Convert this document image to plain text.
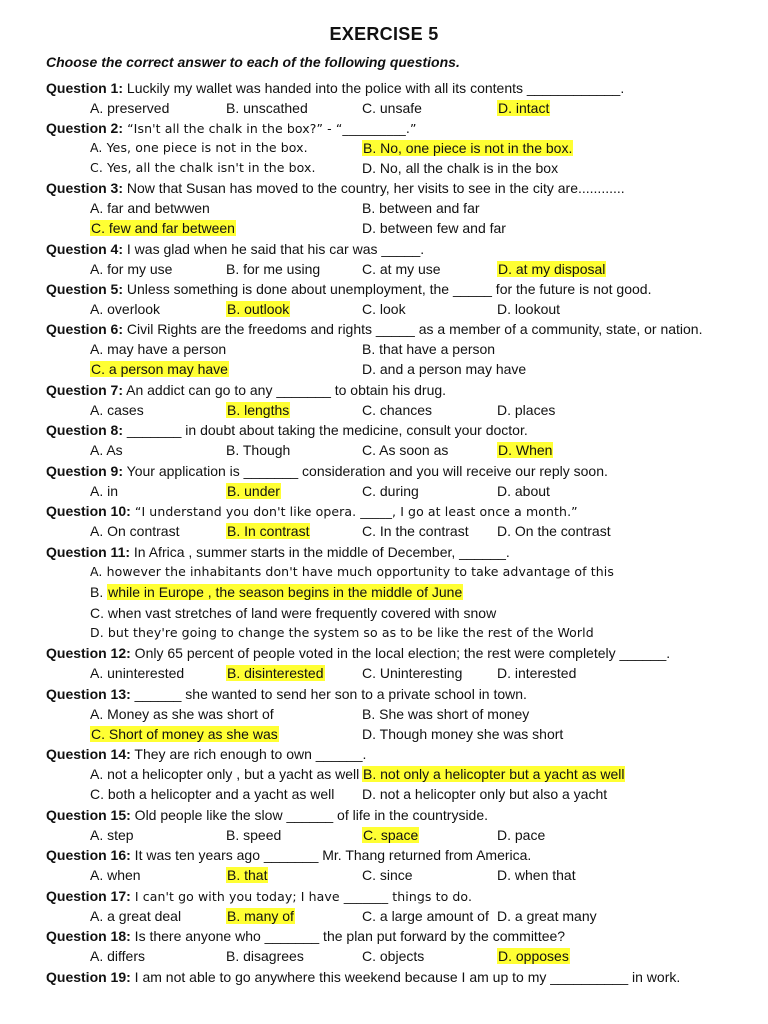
EXERCISE 5
Choose the correct answer to each of the following questions.
Question 1: Luckily my wallet was handed into the police with all its contents ____________.
A. preserved	B. unscathed	C. unsafe	D. intact
Question 2: “Isn't all the chalk in the box?” - “__________.”
A. Yes, one piece is not in the box.	B. No, one piece is not in the box.
C. Yes, all the chalk isn't in the box.	D. No, all the chalk is in the box
Question 3: Now that Susan has moved to the country, her visits to see in the city are............
A. far and betwwen	B. between and far
C. few and far between	D. between few and far
Question 4: I was glad when he said that his car was _____.
A. for my use	B. for me using	C. at my use	D. at my disposal
Question 5: Unless something is done about unemployment, the _____ for the future is not good.
A. overlook	B. outlook	C. look	D. lookout
Question 6: Civil Rights are the freedoms and rights _____ as a member of a community, state, or nation.
A. may have a person	B. that have a person
C. a person may have	D. and a person may have
Question 7: An addict can go to any _______ to obtain his drug.
A. cases	B. lengths	C. chances	D. places
Question 8: _______ in doubt about taking the medicine, consult your doctor.
A. As	B. Though	C. As soon as	D. When
Question 9: Your application is _______ consideration and you will receive our reply soon.
A. in	B. under	C. during	D. about
Question 10: “I understand you don't like opera. _____, I go at least once a month.”
A. On contrast	B. In contrast	C. In the contrast D. On the contrast
Question 11: In Africa , summer starts in the middle of December, ______.
A. however the inhabitants don't have much opportunity to take advantage of this
B. while in Europe , the season begins in the middle of June
C. when vast stretches of land were frequently covered with snow
D. but they're going to change the system so as to be like the rest of the World
Question 12: Only 65 percent of people voted in the local election; the rest were completely ______.
A. uninterested	B. disinterested	C. Uninteresting D. interested
Question 13: ______ she wanted to send her son to a private school in town.
A. Money as she was short of	B. She was short of money
C. Short of money as she was	D. Though money she was short
Question 14: They are rich enough to own ______.
A. not a helicopter only , but a yacht as well B. not only a helicopter but a yacht as well
C. both a helicopter and a yacht as well D. not a helicopter only but also a yacht
Question 15: Old people like the slow ______ of life in the countryside.
A. step	B. speed	C. space	D. pace
Question 16: It was ten years ago _______ Mr. Thang returned from America.
A. when	B. that	C. since	D. when that
Question 17: I can't go with you today; I have _______ things to do.
A. a great deal	B. many of	C. a large amount of D. a great many
Question 18: Is there anyone who _______ the plan put forward by the committee?
A. differs	B. disagrees	C. objects	D. opposes
Question 19: I am not able to go anywhere this weekend because I am up to my __________ in work.
